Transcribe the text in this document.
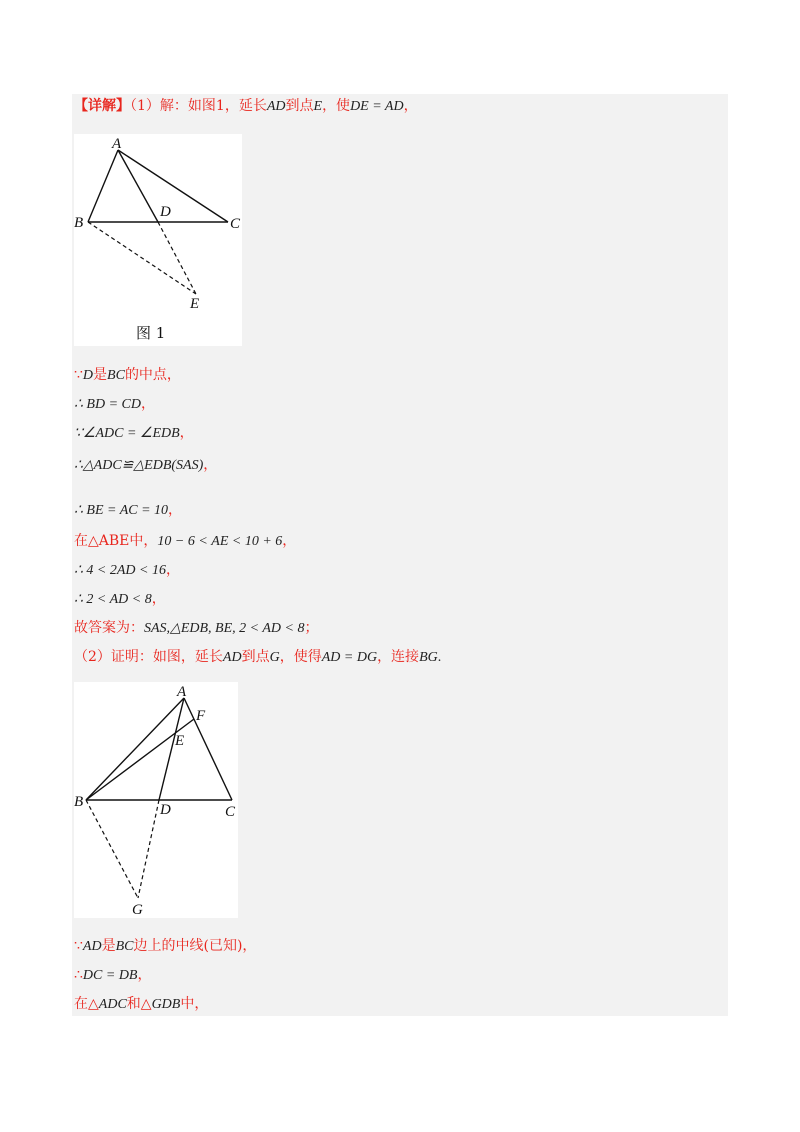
【详解】（1）解：如图1，延长AD到点E，使DE = AD，
A
B	C
D
E
图 1
∵D是BC的中点，
∴ BD = CD，
∵∠ADC = ∠EDB，
∴△ADC≌△EDB(SAS)，
∴ BE = AC = 10，
在△ABE中，10 − 6 < AE < 10 + 6，
∴ 4 < 2AD < 16，
∴ 2 < AD < 8，
故答案为：SAS,△EDB, BE, 2 < AD < 8；
（2）证明：如图，延长AD到点G，使得AD = DG，连接BG.
A
B
C
D
E
F
G
∵AD是BC边上的中线(已知)，
∴DC = DB，
在△ADC和△GDB中，
